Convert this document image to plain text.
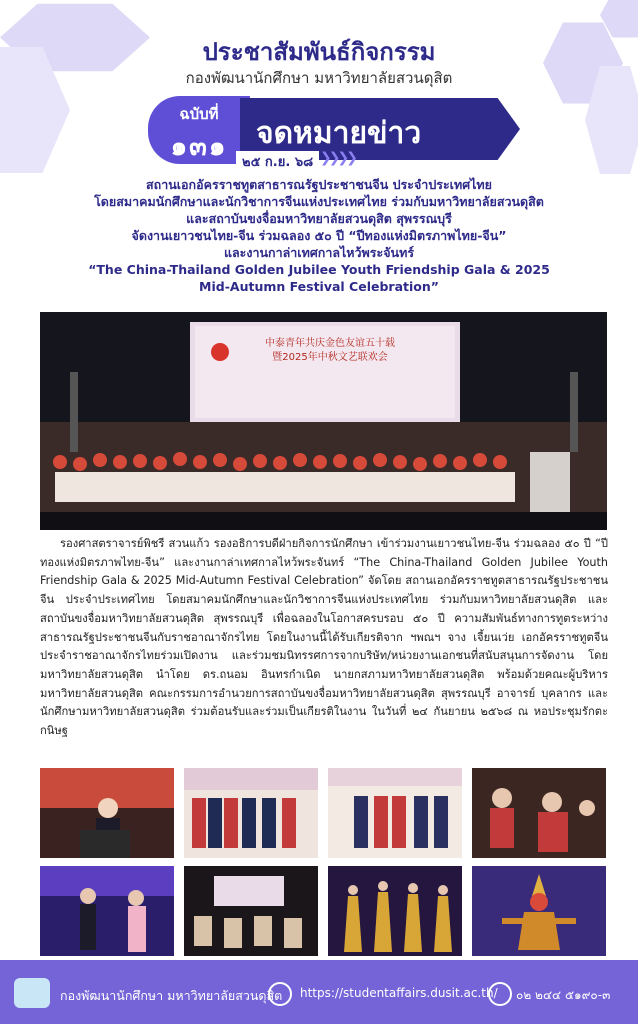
ประชาสัมพันธ์กิจกรรม
กองพัฒนานักศึกษา มหาวิทยาลัยสวนดุสิต
ฉบับที่
๑๓๑ จดหมายข่าว
๒๕ ก.ย. ๖๘ ❯❯❯❯
สถานเอกอัครราชทูตสาธารณรัฐประชาชนจีน ประจำประเทศไทย
โดยสมาคมนักศึกษาและนักวิชาการจีนแห่งประเทศไทย ร่วมกับมหาวิทยาลัยสวนดุสิต
และสถาบันขงจื่อมหาวิทยาลัยสวนดุสิต สุพรรณบุรี
จัดงานเยาวชนไทย-จีน ร่วมฉลอง ๕๐ ปี “ปีทองแห่งมิตรภาพไทย-จีน”
และงานกาล่าเทศกาลไหว้พระจันทร์
“The China-Thailand Golden Jubilee Youth Friendship Gala & 2025
Mid-Autumn Festival Celebration”
中泰青年共庆金色友谊五十载
暨2025年中秋文艺联欢会
รองศาสตราจารย์พิชรี สวนแก้ว รองอธิการบดีฝ่ายกิจการนักศึกษา เข้าร่วมงานเยาวชนไทย-จีน ร่วมฉลอง ๕๐ ปี “ปีทองแห่งมิตรภาพไทย-จีน” และงานกาล่าเทศกาลไหว้พระจันทร์ “The China-Thailand Golden Jubilee Youth Friendship Gala & 2025 Mid-Autumn Festival Celebration” จัดโดย สถานเอกอัครราชทูตสาธารณรัฐประชาชนจีน ประจำประเทศไทย โดยสมาคมนักศึกษาและนักวิชาการจีนแห่งประเทศไทย ร่วมกับมหาวิทยาลัยสวนดุสิต และสถาบันขงจื่อมหาวิทยาลัยสวนดุสิต สุพรรณบุรี เพื่อฉลองในโอกาสครบรอบ ๕๐ ปี ความสัมพันธ์ทางการทูตระหว่างสาธารณรัฐประชาชนจีนกับราชอาณาจักรไทย โดยในงานนี้ได้รับเกียรติจาก ฯพณฯ จาง เจี้ยนเว่ย เอกอัครราชทูตจีนประจำราชอาณาจักรไทยร่วมเปิดงาน และร่วมชมนิทรรศการจากบริษัท/หน่วยงานเอกชนที่สนับสนุนการจัดงาน โดยมหาวิทยาลัยสวนดุสิต นำโดย ดร.ถนอม อินทรกำเนิด นายกสภามหาวิทยาลัยสวนดุสิต พร้อมด้วยคณะผู้บริหารมหาวิทยาลัยสวนดุสิต คณะกรรมการอำนวยการสถาบันขงจื่อมหาวิทยาลัยสวนดุสิต สุพรรณบุรี อาจารย์ บุคลากร และนักศึกษามหาวิทยาลัยสวนดุสิต ร่วมต้อนรับและร่วมเป็นเกียรติในงาน ในวันที่ ๒๔ กันยายน ๒๕๖๘ ณ หอประชุมรักตะกนิษฐ
กองพัฒนานักศึกษา มหาวิทยาลัยสวนดุสิต https://studentaffairs.dusit.ac.th/ ๐๒ ๒๔๔ ๕๑๙๐-๓
